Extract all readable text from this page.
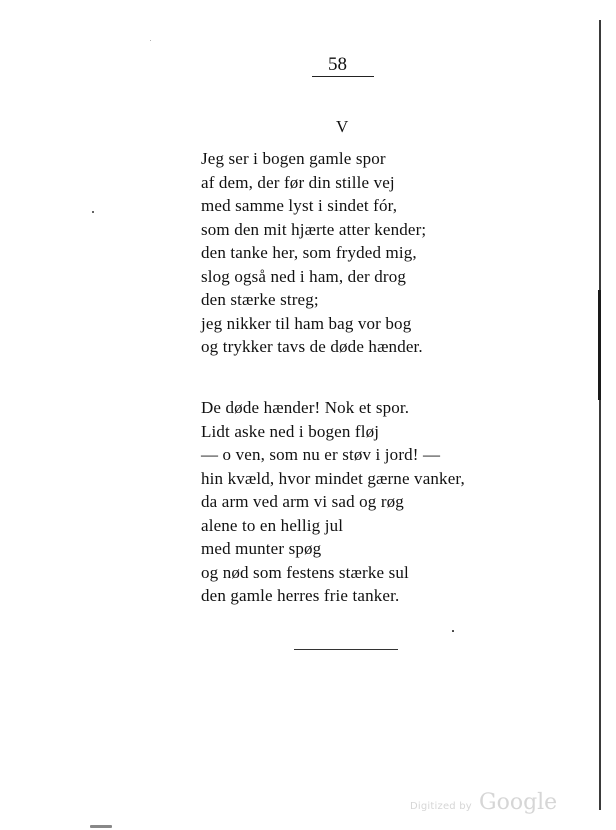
58
V
Jeg ser i bogen gamle spor
af dem, der før din stille vej
med samme lyst i sindet fór,
som den mit hjærte atter kender;
den tanke her, som fryded mig,
slog også ned i ham, der drog
den stærke streg;
jeg nikker til ham bag vor bog
og trykker tavs de døde hænder.
De døde hænder! Nok et spor.
Lidt aske ned i bogen fløj
— o ven, som nu er støv i jord! —
hin kvæld, hvor mindet gærne vanker,
da arm ved arm vi sad og røg
alene to en hellig jul
med munter spøg
og nød som festens stærke sul
den gamle herres frie tanker.
Digitized by Google
